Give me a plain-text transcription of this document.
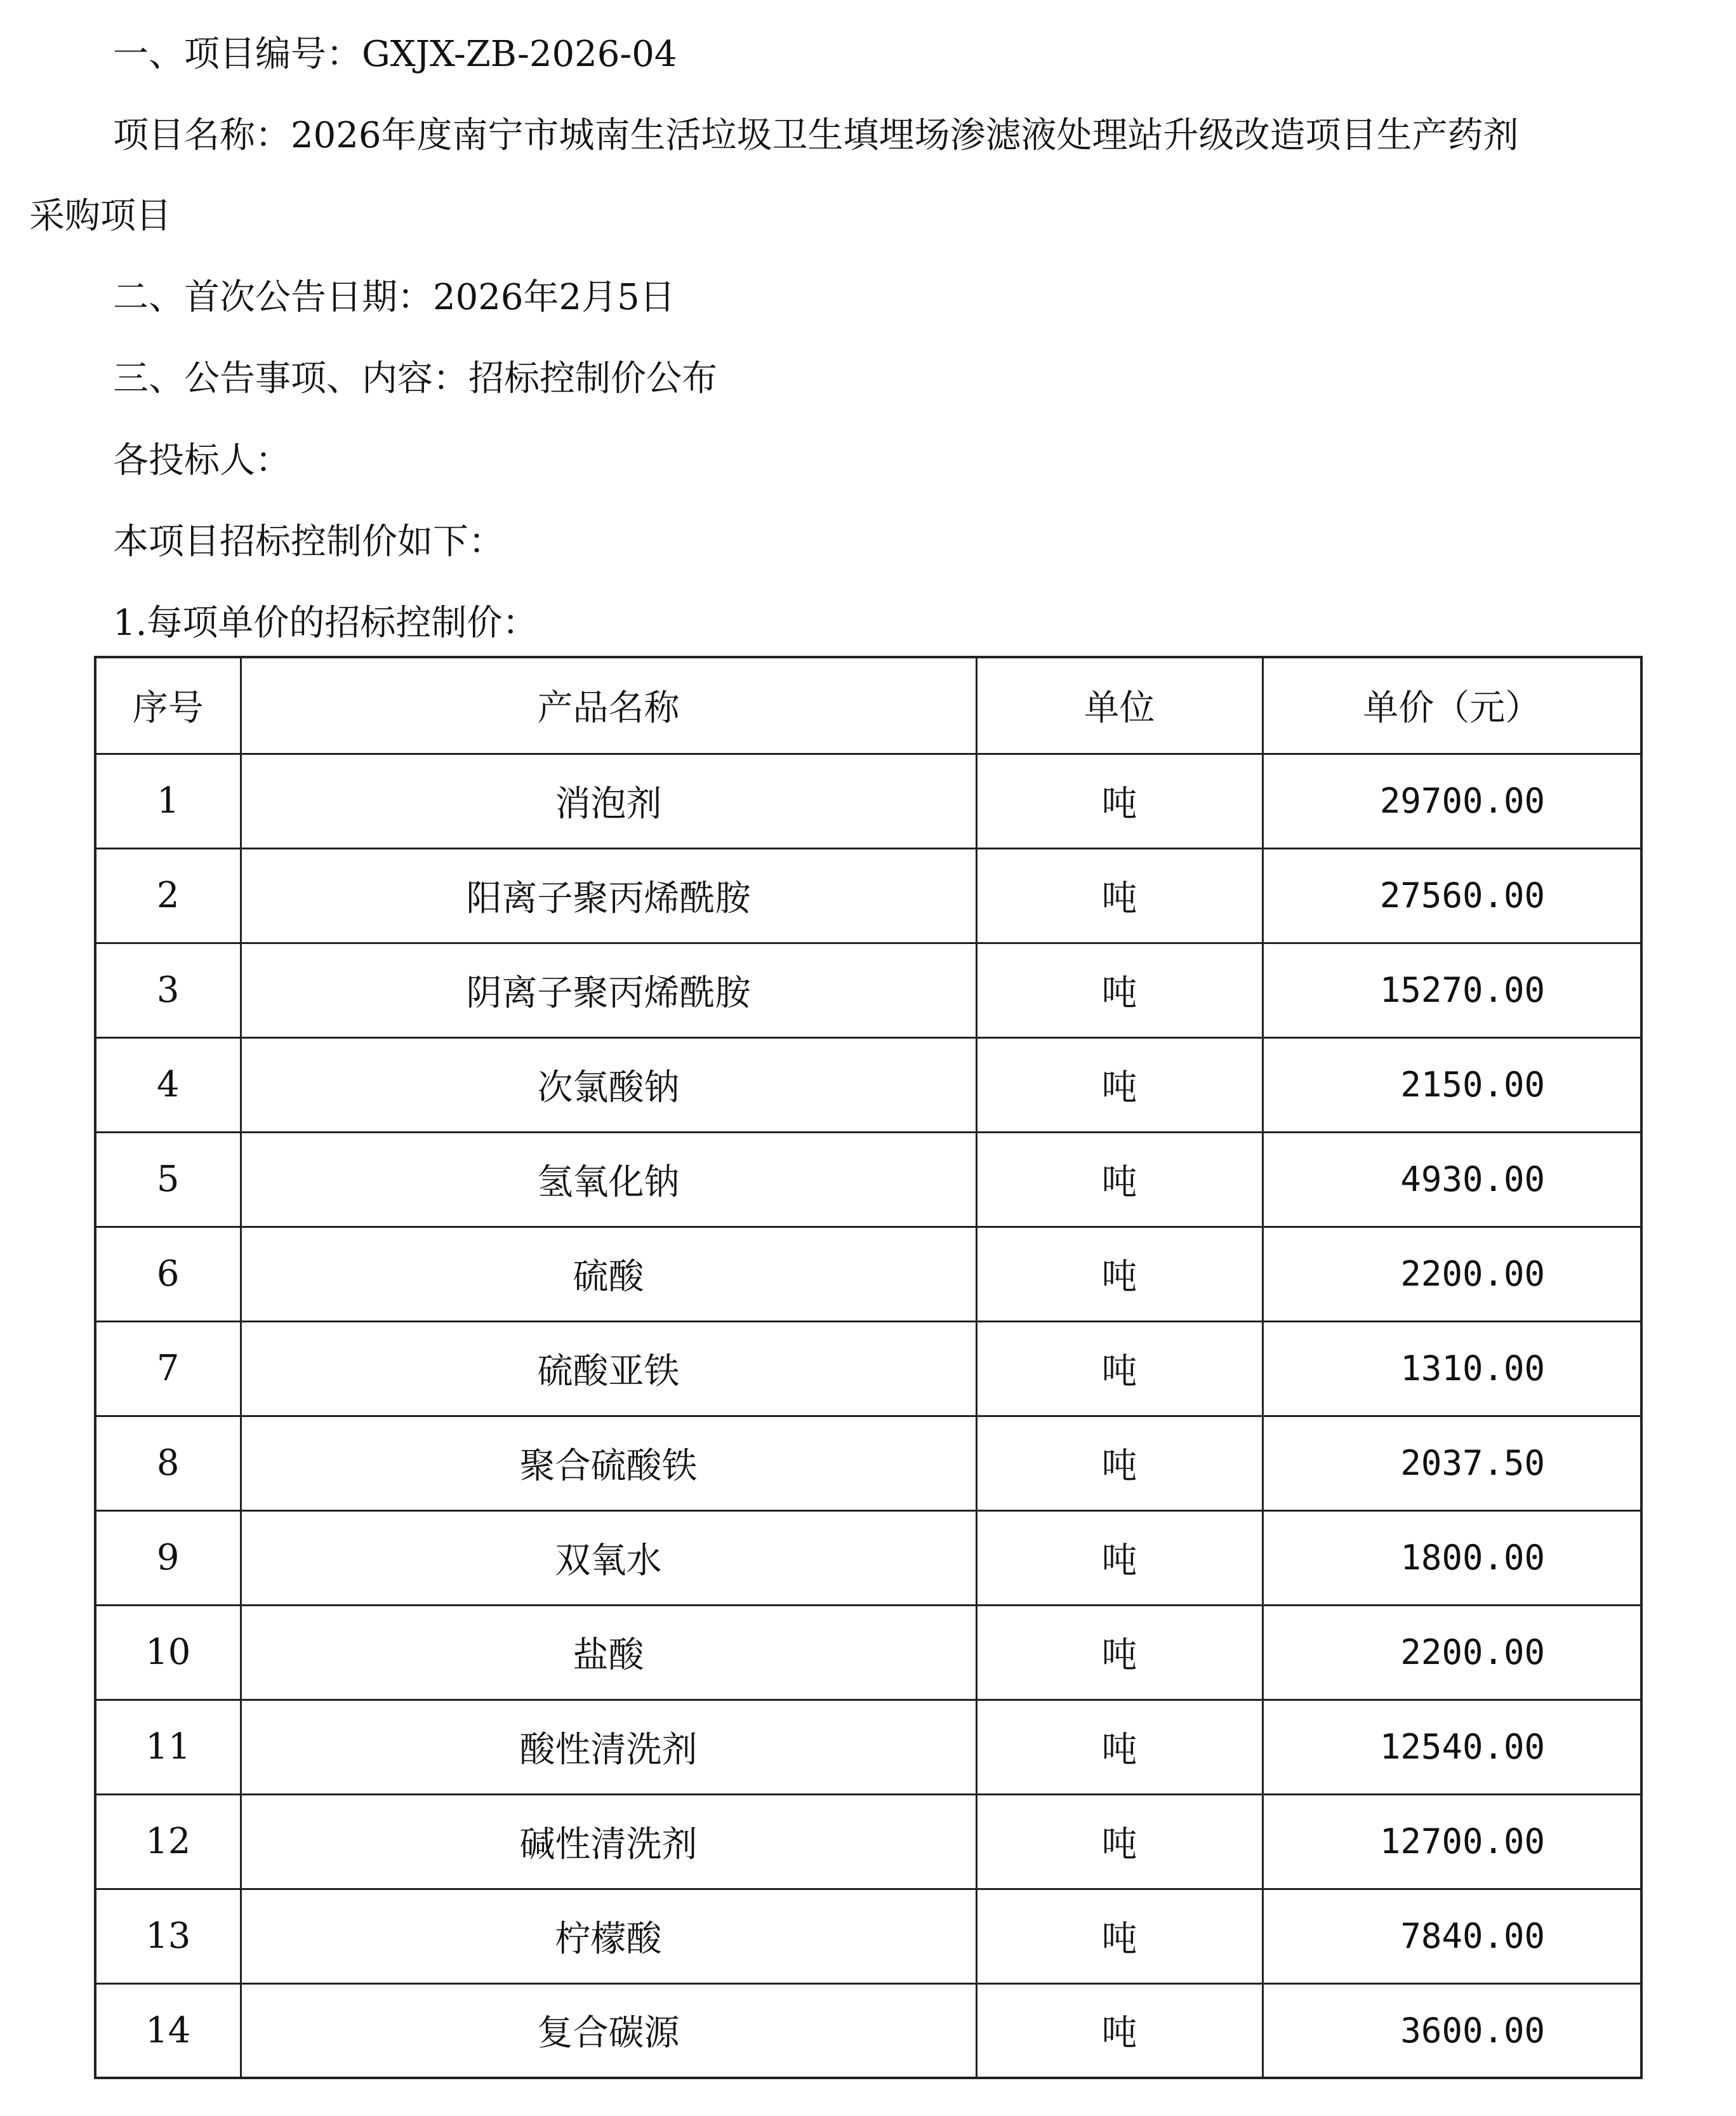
一、项目编号：GXJX-ZB-2026-04

项目名称：2026年度南宁市城南生活垃圾卫生填埋场渗滤液处理站升级改造项目生产药剂

采购项目

二、首次公告日期：2026年2月5日

三、公告事项、内容：招标控制价公布

各投标人：

本项目招标控制价如下：

1.每项单价的招标控制价：

序号	产品名称	单位	单价（元）
1	消泡剂	吨	29700.00
2	阳离子聚丙烯酰胺	吨	27560.00
3	阴离子聚丙烯酰胺	吨	15270.00
4	次氯酸钠	吨	2150.00
5	氢氧化钠	吨	4930.00
6	硫酸	吨	2200.00
7	硫酸亚铁	吨	1310.00
8	聚合硫酸铁	吨	2037.50
9	双氧水	吨	1800.00
10	盐酸	吨	2200.00
11	酸性清洗剂	吨	12540.00
12	碱性清洗剂	吨	12700.00
13	柠檬酸	吨	7840.00
14	复合碳源	吨	3600.00
